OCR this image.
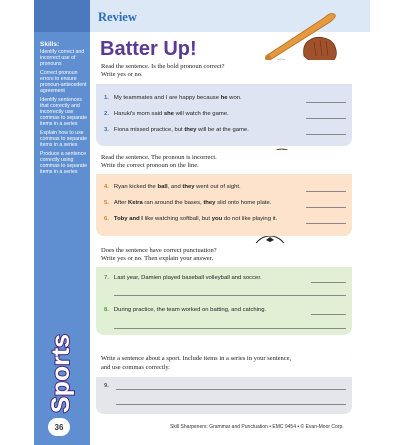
Skills:
Identify correct and incorrect use of pronouns
Correct pronoun errors to ensure pronoun-antecedent agreement
Identify sentences that correctly and incorrectly use commas to separate items in a series
Explain how to use commas to separate items in a series
Produce a sentence correctly using commas to separate items in a series
Sports
36
Review
Batter Up!
Read the sentence. Is the bold pronoun correct?
Write yes or no.
1. My teammates and I are happy because he won.
2. Haruki's mom said she will watch the game.
3. Fiona missed practice, but they will be at the game.
Read the sentence. The pronoun is incorrect.
Write the correct pronoun on the line.
4. Ryan kicked the ball, and they went out of sight.
5. After Keira ran around the bases, they slid onto home plate.
6. Toby and I like watching softball, but you do not like playing it.
Does the sentence have correct punctuation?
Write yes or no. Then explain your answer.
7. Last year, Damien played baseball volleyball and soccer.
8. During practice, the team worked on batting, and catching.
Write a sentence about a sport. Include items in a series in your sentence,
and use commas correctly.
9.
Skill Sharpeners: Grammar and Punctuation • EMC 9454 • © Evan-Moor Corp.
